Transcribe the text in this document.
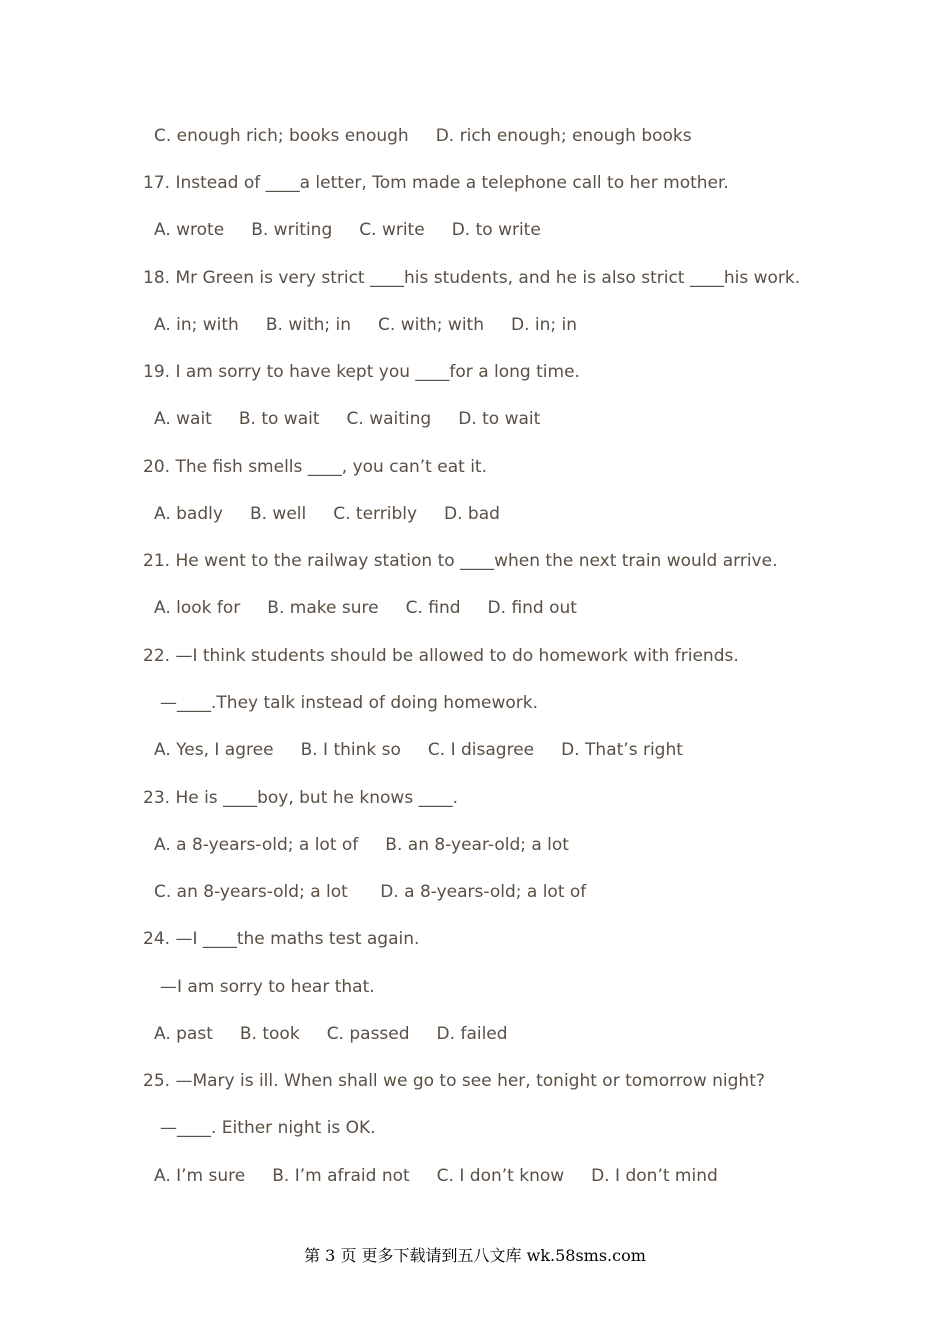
C. enough rich; books enough     D. rich enough; enough books
17. Instead of ____a letter, Tom made a telephone call to her mother.
A. wrote     B. writing     C. write     D. to write
18. Mr Green is very strict ____his students, and he is also strict ____his work.
A. in; with     B. with; in     C. with; with     D. in; in
19. I am sorry to have kept you ____for a long time.
A. wait     B. to wait     C. waiting     D. to wait
20. The fish smells ____, you can’t eat it.
A. badly     B. well     C. terribly     D. bad
21. He went to the railway station to ____when the next train would arrive.
A. look for     B. make sure     C. find     D. find out
22. —I think students should be allowed to do homework with friends.
—____.They talk instead of doing homework.
A. Yes, I agree     B. I think so     C. I disagree     D. That’s right
23. He is ____boy, but he knows ____.
A. a 8-years-old; a lot of     B. an 8-year-old; a lot
C. an 8-years-old; a lot      D. a 8-years-old; a lot of
24. —I ____the maths test again.
—I am sorry to hear that.
A. past     B. took     C. passed     D. failed
25. —Mary is ill. When shall we go to see her, tonight or tomorrow night?
—____. Either night is OK.
A. I’m sure     B. I’m afraid not     C. I don’t know     D. I don’t mind
第 3 页 更多下载请到五八文库 wk.58sms.com
